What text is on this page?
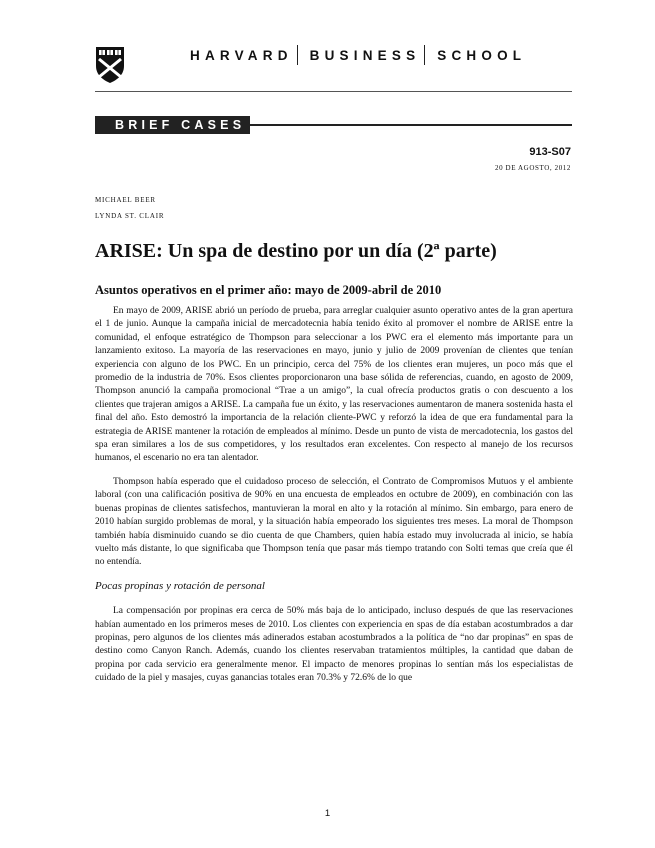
HARVARD BUSINESS SCHOOL
BRIEF CASES
913-S07
20 DE AGOSTO, 2012
MICHAEL BEER
LYNDA ST. CLAIR
ARISE: Un spa de destino por un día (2ª parte)
Asuntos operativos en el primer año: mayo de 2009-abril de 2010

En mayo de 2009, ARISE abrió un período de prueba, para arreglar cualquier asunto operativo antes de la gran apertura el 1 de junio. Aunque la campaña inicial de mercadotecnia había tenido éxito al promover el nombre de ARISE entre la comunidad, el enfoque estratégico de Thompson para seleccionar a los PWC era el elemento más importante para un lanzamiento exitoso. La mayoría de las reservaciones en mayo, junio y julio de 2009 provenían de clientes que tenían experiencia con alguno de los PWC. En un principio, cerca del 75% de los clientes eran mujeres, un poco más que el promedio de la industria de 70%. Esos clientes proporcionaron una base sólida de referencias, cuando, en agosto de 2009, Thompson anunció la campaña promocional “Trae a un amigo”, la cual ofrecía productos gratis o con descuento a los clientes que trajeran amigos a ARISE. La campaña fue un éxito, y las reservaciones aumentaron de manera sostenida hasta el final del año. Esto demostró la importancia de la relación cliente-PWC y reforzó la idea de que era fundamental para la estrategia de ARISE mantener la rotación de empleados al mínimo. Desde un punto de vista de mercadotecnia, los gastos del spa eran similares a los de sus competidores, y los resultados eran excelentes. Con respecto al manejo de los recursos humanos, el escenario no era tan alentador.

Thompson había esperado que el cuidadoso proceso de selección, el Contrato de Compromisos Mutuos y el ambiente laboral (con una calificación positiva de 90% en una encuesta de empleados en octubre de 2009), en combinación con las buenas propinas de clientes satisfechos, mantuvieran la moral en alto y la rotación al mínimo. Sin embargo, para enero de 2010 habían surgido problemas de moral, y la situación había empeorado los siguientes tres meses. La moral de Thompson también había disminuido cuando se dio cuenta de que Chambers, quien había estado muy involucrada al inicio, se había vuelto más distante, lo que significaba que Thompson tenía que pasar más tiempo tratando con Solti temas que creía que él no entendía.

Pocas propinas y rotación de personal

La compensación por propinas era cerca de 50% más baja de lo anticipado, incluso después de que las reservaciones habían aumentado en los primeros meses de 2010. Los clientes con experiencia en spas de día estaban acostumbrados a dar propinas, pero algunos de los clientes más adinerados estaban acostumbrados a la política de “no dar propinas” en spas de destino como Canyon Ranch. Además, cuando los clientes reservaban tratamientos múltiples, la cantidad que daban de propina por cada servicio era generalmente menor. El impacto de menores propinas lo sentían más los especialistas de cuidado de la piel y masajes, cuyas ganancias totales eran 70.3% y 72.6% de lo que

1
